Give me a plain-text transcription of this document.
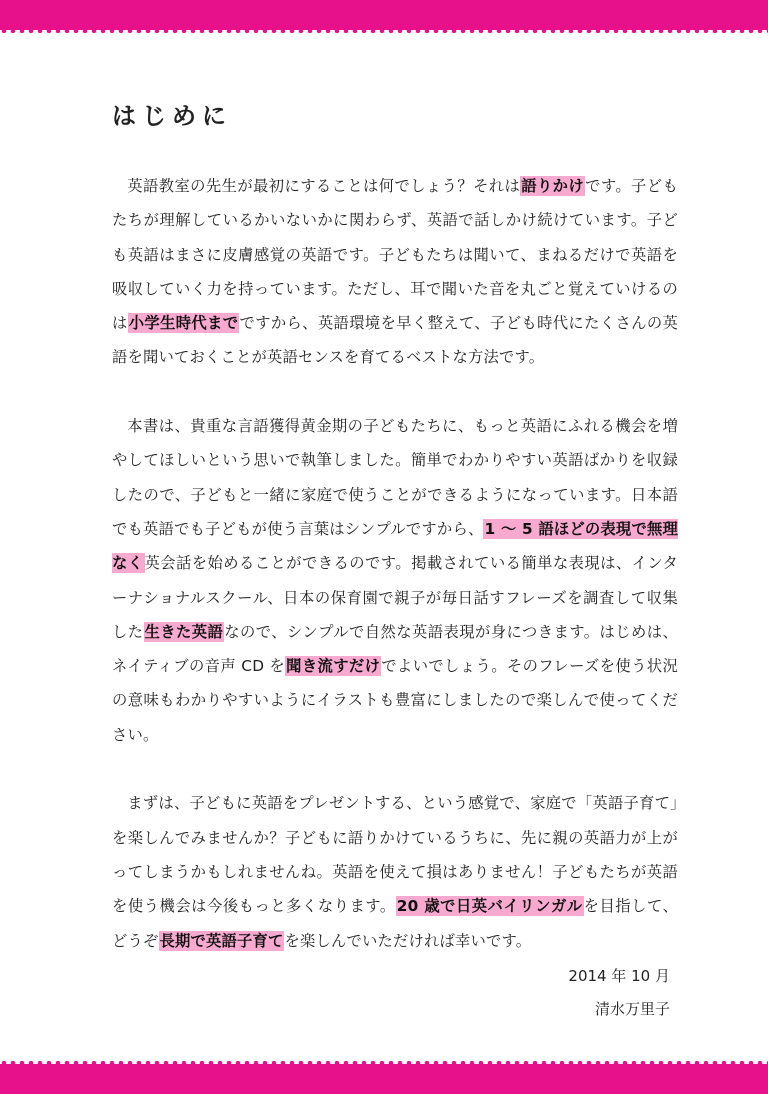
はじめに

英語教室の先生が最初にすることは何でしょう？それは語りかけです。子どもたちが理解しているかいないかに関わらず、英語で話しかけ続けています。子ども英語はまさに皮膚感覚の英語です。子どもたちは聞いて、まねるだけで英語を吸収していく力を持っています。ただし、耳で聞いた音を丸ごと覚えていけるのは小学生時代までですから、英語環境を早く整えて、子ども時代にたくさんの英語を聞いておくことが英語センスを育てるベストな方法です。

本書は、貴重な言語獲得黄金期の子どもたちに、もっと英語にふれる機会を増やしてほしいという思いで執筆しました。簡単でわかりやすい英語ばかりを収録したので、子どもと一緒に家庭で使うことができるようになっています。日本語でも英語でも子どもが使う言葉はシンプルですから、1 〜 5 語ほどの表現で無理なく英会話を始めることができるのです。掲載されている簡単な表現は、インターナショナルスクール、日本の保育園で親子が毎日話すフレーズを調査して収集した生きた英語なので、シンプルで自然な英語表現が身につきます。はじめは、ネイティブの音声 CD を聞き流すだけでよいでしょう。そのフレーズを使う状況の意味もわかりやすいようにイラストも豊富にしましたので楽しんで使ってください。

まずは、子どもに英語をプレゼントする、という感覚で、家庭で「英語子育て」を楽しんでみませんか？子どもに語りかけているうちに、先に親の英語力が上がってしまうかもしれませんね。英語を使えて損はありません！子どもたちが英語を使う機会は今後もっと多くなります。20 歳で日英バイリンガルを目指して、どうぞ長期で英語子育てを楽しんでいただければ幸いです。

2014 年 10 月
清水万里子
